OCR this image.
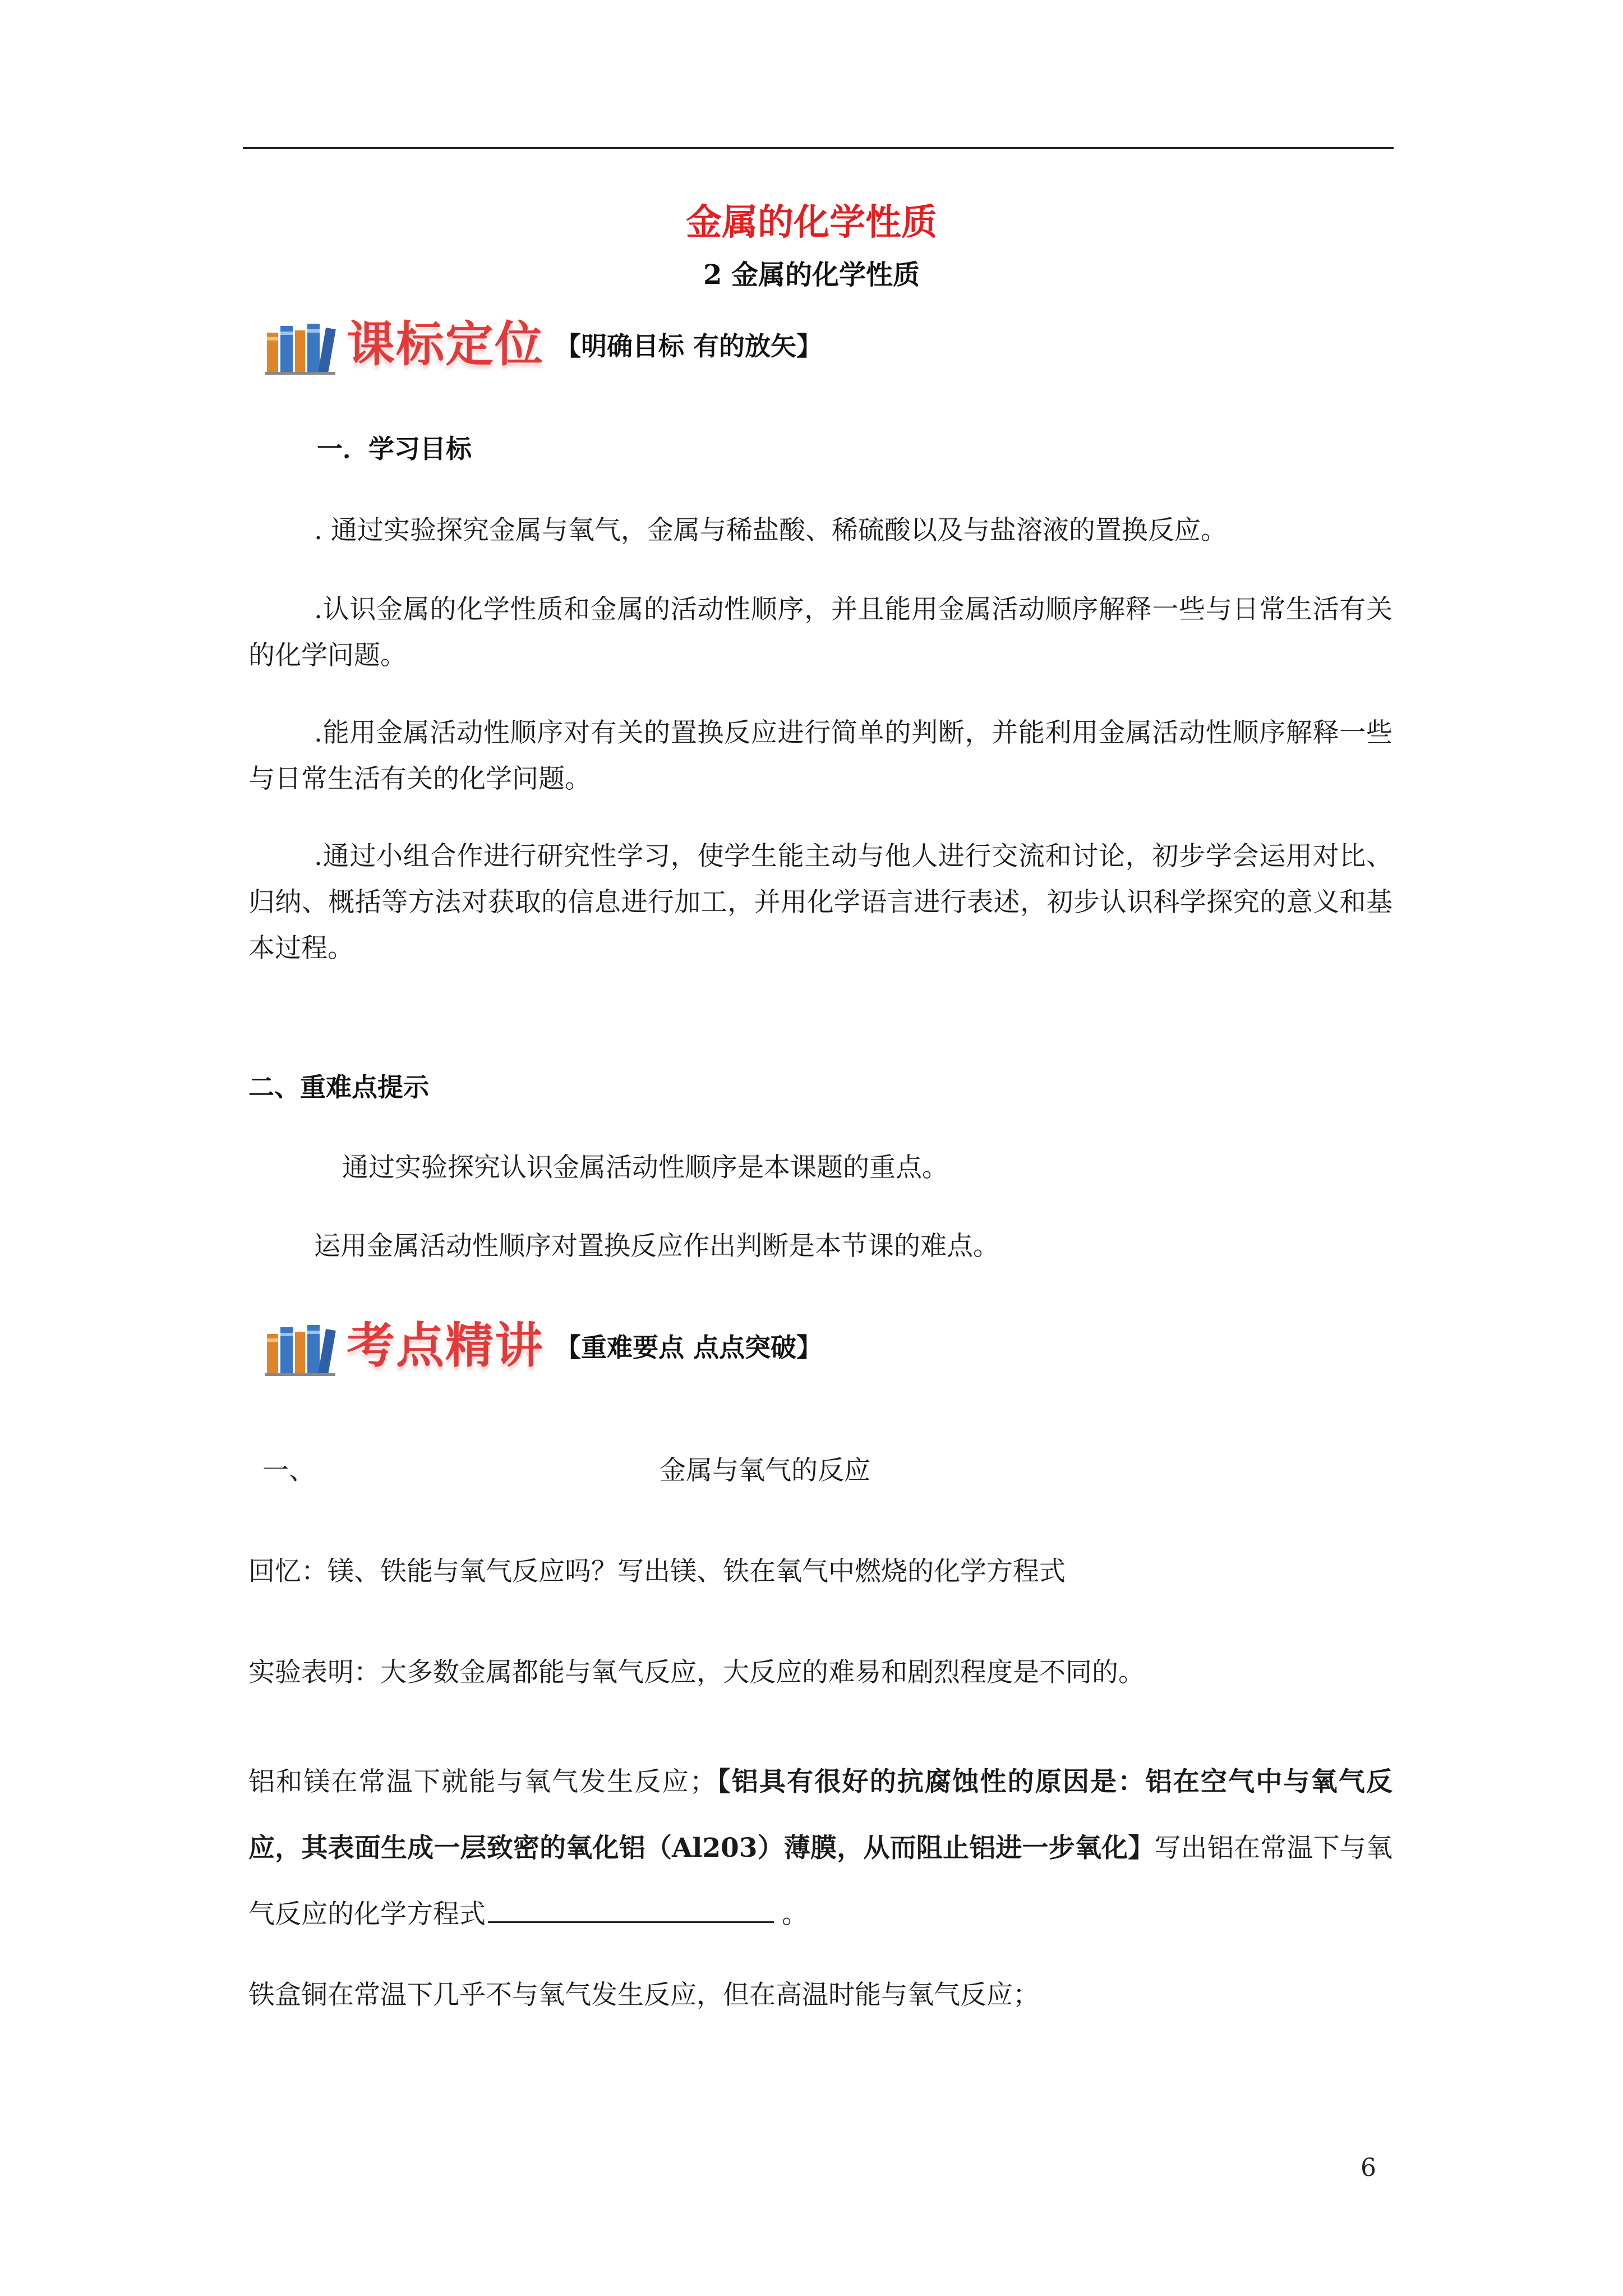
金属的化学性质
2 金属的化学性质
课标定位 【明确目标 有的放矢】
一．学习目标
. 通过实验探究金属与氧气，金属与稀盐酸、稀硫酸以及与盐溶液的置换反应。
.认识金属的化学性质和金属的活动性顺序，并且能用金属活动顺序解释一些与日常生活有关的化学问题。
.能用金属活动性顺序对有关的置换反应进行简单的判断，并能利用金属活动性顺序解释一些与日常生活有关的化学问题。
.通过小组合作进行研究性学习，使学生能主动与他人进行交流和讨论，初步学会运用对比、归纳、概括等方法对获取的信息进行加工，并用化学语言进行表述，初步认识科学探究的意义和基本过程。
二、重难点提示
通过实验探究认识金属活动性顺序是本课题的重点。
运用金属活动性顺序对置换反应作出判断是本节课的难点。
考点精讲 【重难要点 点点突破】
一、	金属与氧气的反应
回忆：镁、铁能与氧气反应吗？写出镁、铁在氧气中燃烧的化学方程式
实验表明：大多数金属都能与氧气反应，大反应的难易和剧烈程度是不同的。
铝和镁在常温下就能与氧气发生反应；【铝具有很好的抗腐蚀性的原因是：铝在空气中与氧气反应，其表面生成一层致密的氧化铝（Al203）薄膜，从而阻止铝进一步氧化】写出铝在常温下与氧气反应的化学方程式	。
铁盒铜在常温下几乎不与氧气发生反应，但在高温时能与氧气反应；
6
